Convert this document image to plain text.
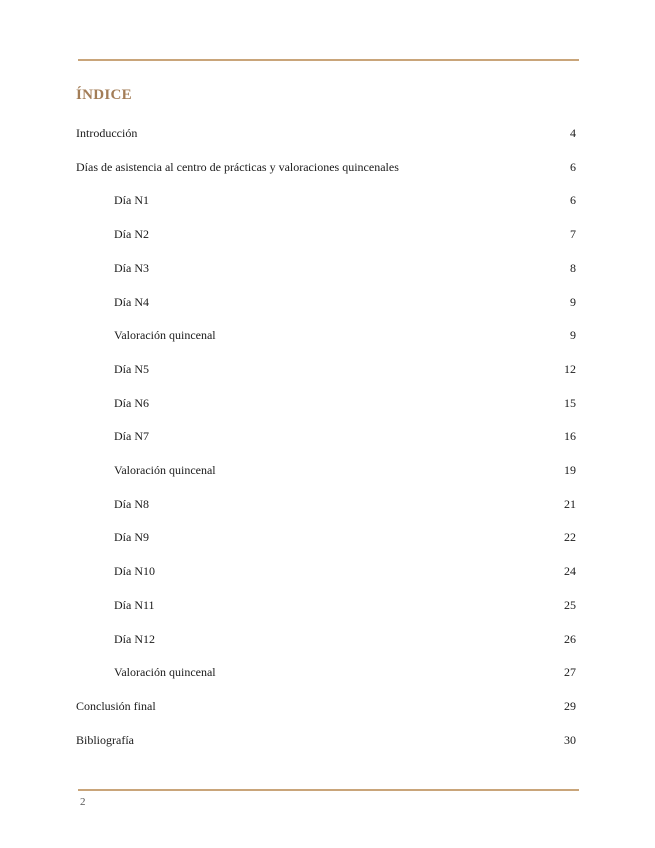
ÍNDICE
Introducción	4
Días de asistencia al centro de prácticas y valoraciones quincenales	6
Día N1	6
Día N2	7
Día N3	8
Día N4	9
Valoración quincenal	9
Día N5	12
Día N6	15
Día N7	16
Valoración quincenal	19
Día N8	21
Día N9	22
Día N10	24
Día N11	25
Día N12	26
Valoración quincenal	27
Conclusión final	29
Bibliografía	30
2
